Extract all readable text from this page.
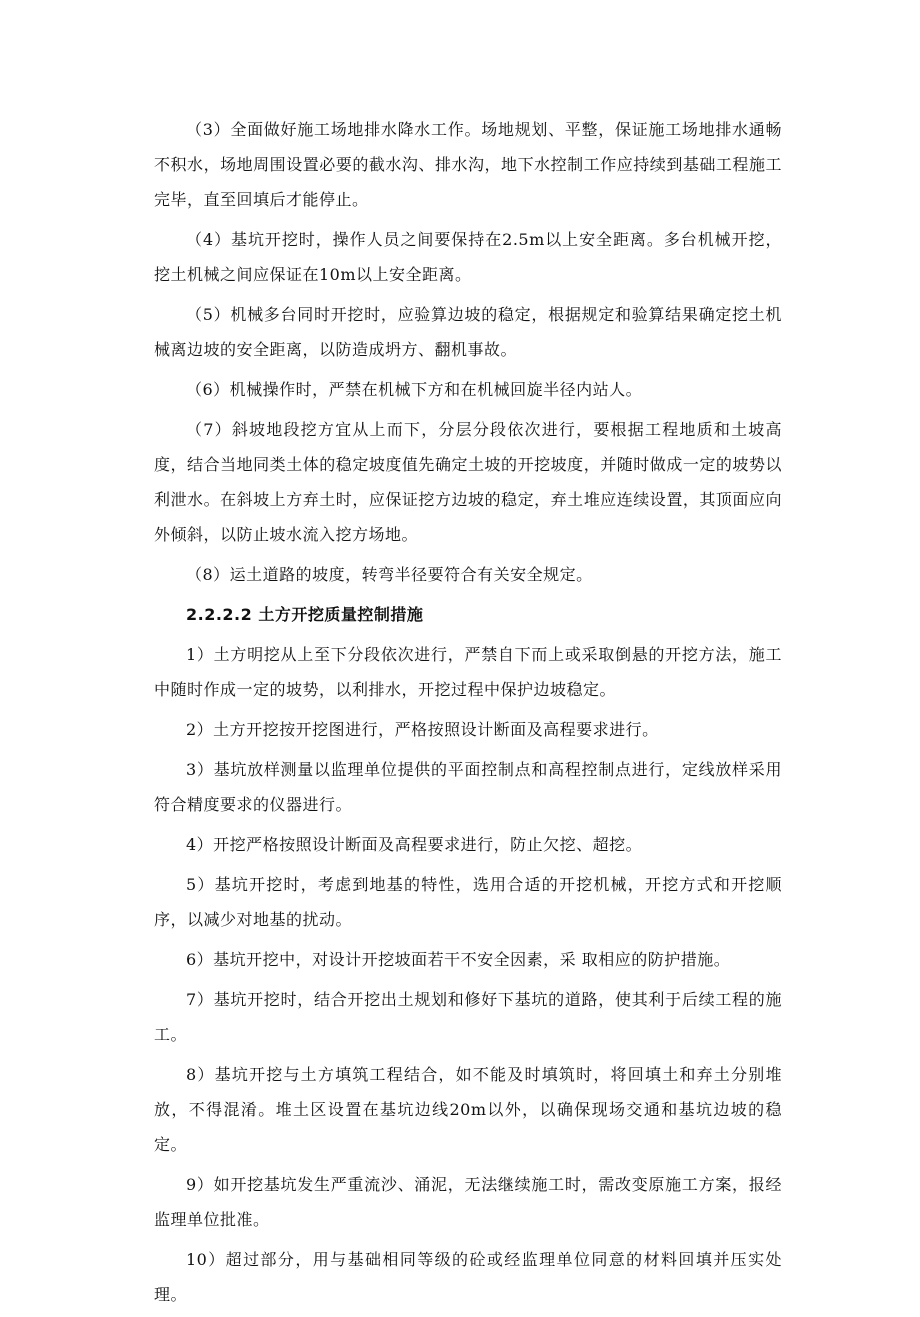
（3）全面做好施工场地排水降水工作。场地规划、平整，保证施工场地排水通畅不积水，场地周围设置必要的截水沟、排水沟，地下水控制工作应持续到基础工程施工完毕，直至回填后才能停止。

（4）基坑开挖时，操作人员之间要保持在2.5m以上安全距离。多台机械开挖，挖土机械之间应保证在10m以上安全距离。

（5）机械多台同时开挖时，应验算边坡的稳定，根据规定和验算结果确定挖土机械离边坡的安全距离，以防造成坍方、翻机事故。

（6）机械操作时，严禁在机械下方和在机械回旋半径内站人。

（7）斜坡地段挖方宜从上而下，分层分段依次进行，要根据工程地质和土坡高度，结合当地同类土体的稳定坡度值先确定土坡的开挖坡度，并随时做成一定的坡势以利泄水。在斜坡上方弃土时，应保证挖方边坡的稳定，弃土堆应连续设置，其顶面应向外倾斜，以防止坡水流入挖方场地。

（8）运土道路的坡度，转弯半径要符合有关安全规定。

2.2.2.2 土方开挖质量控制措施

1）土方明挖从上至下分段依次进行，严禁自下而上或采取倒悬的开挖方法，施工中随时作成一定的坡势，以利排水，开挖过程中保护边坡稳定。

2）土方开挖按开挖图进行，严格按照设计断面及高程要求进行。

3）基坑放样测量以监理单位提供的平面控制点和高程控制点进行，定线放样采用符合精度要求的仪器进行。

4）开挖严格按照设计断面及高程要求进行，防止欠挖、超挖。

5）基坑开挖时，考虑到地基的特性，选用合适的开挖机械，开挖方式和开挖顺序，以减少对地基的扰动。

6）基坑开挖中，对设计开挖坡面若干不安全因素，采 取相应的防护措施。

7）基坑开挖时，结合开挖出土规划和修好下基坑的道路，使其利于后续工程的施工。

8）基坑开挖与土方填筑工程结合，如不能及时填筑时，将回填土和弃土分别堆放，不得混淆。堆土区设置在基坑边线20m以外，以确保现场交通和基坑边坡的稳定。

9）如开挖基坑发生严重流沙、涌泥，无法继续施工时，需改变原施工方案，报经监理单位批准。

10）超过部分，用与基础相同等级的砼或经监理单位同意的材料回填并压实处理。
